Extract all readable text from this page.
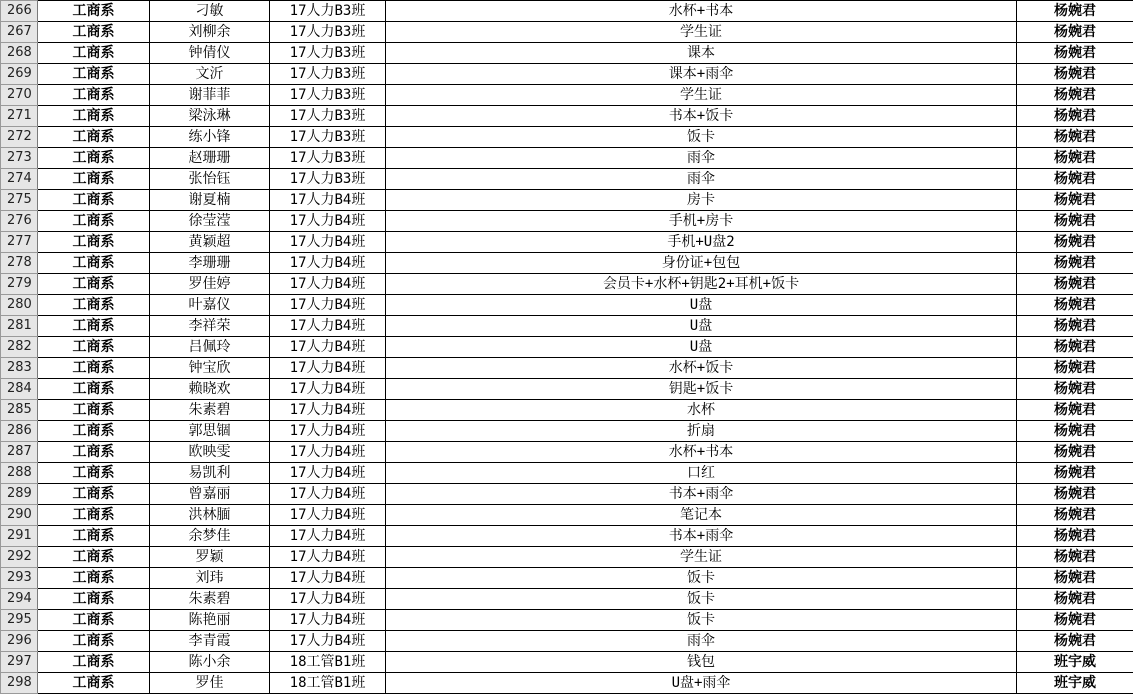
266	工商系	刁敏	17人力B3班	水杯+书本	杨婉君
267	工商系	刘柳余	17人力B3班	学生证	杨婉君
268	工商系	钟倩仪	17人力B3班	课本	杨婉君
269	工商系	文沂	17人力B3班	课本+雨伞	杨婉君
270	工商系	谢菲菲	17人力B3班	学生证	杨婉君
271	工商系	梁泳琳	17人力B3班	书本+饭卡	杨婉君
272	工商系	练小锋	17人力B3班	饭卡	杨婉君
273	工商系	赵珊珊	17人力B3班	雨伞	杨婉君
274	工商系	张怡钰	17人力B3班	雨伞	杨婉君
275	工商系	谢夏楠	17人力B4班	房卡	杨婉君
276	工商系	徐莹滢	17人力B4班	手机+房卡	杨婉君
277	工商系	黄颖超	17人力B4班	手机+U盘2	杨婉君
278	工商系	李珊珊	17人力B4班	身份证+包包	杨婉君
279	工商系	罗佳婷	17人力B4班	会员卡+水杯+钥匙2+耳机+饭卡	杨婉君
280	工商系	叶嘉仪	17人力B4班	U盘	杨婉君
281	工商系	李祥荣	17人力B4班	U盘	杨婉君
282	工商系	吕佩玲	17人力B4班	U盘	杨婉君
283	工商系	钟宝欣	17人力B4班	水杯+饭卡	杨婉君
284	工商系	赖晓欢	17人力B4班	钥匙+饭卡	杨婉君
285	工商系	朱素碧	17人力B4班	水杯	杨婉君
286	工商系	郭思锢	17人力B4班	折扇	杨婉君
287	工商系	欧映雯	17人力B4班	水杯+书本	杨婉君
288	工商系	易凯利	17人力B4班	口红	杨婉君
289	工商系	曾嘉丽	17人力B4班	书本+雨伞	杨婉君
290	工商系	洪林腼	17人力B4班	笔记本	杨婉君
291	工商系	余梦佳	17人力B4班	书本+雨伞	杨婉君
292	工商系	罗颖	17人力B4班	学生证	杨婉君
293	工商系	刘玮	17人力B4班	饭卡	杨婉君
294	工商系	朱素碧	17人力B4班	饭卡	杨婉君
295	工商系	陈艳丽	17人力B4班	饭卡	杨婉君
296	工商系	李青霞	17人力B4班	雨伞	杨婉君
297	工商系	陈小余	18工管B1班	钱包	班宇威
298	工商系	罗佳	18工管B1班	U盘+雨伞	班宇威
